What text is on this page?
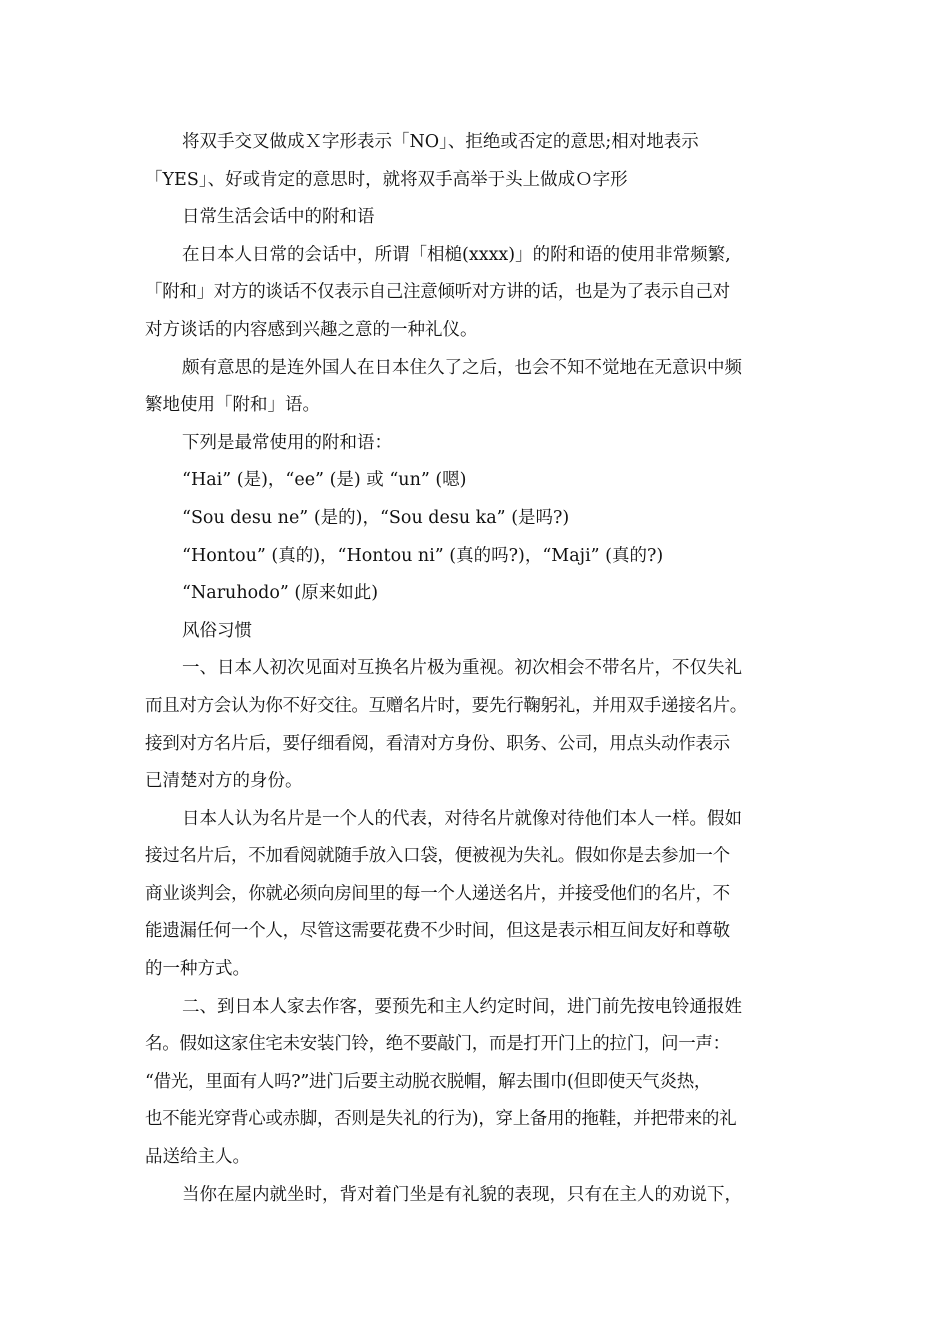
将双手交叉做成Ｘ字形表示「NO」、拒绝或否定的意思;相对地表示
「YES」、好或肯定的意思时，就将双手高举于头上做成Ｏ字形
日常生活会话中的附和语
在日本人日常的会话中，所谓「相槌(xxxx)」的附和语的使用非常频繁,
「附和」对方的谈话不仅表示自己注意倾听对方讲的话，也是为了表示自己对
对方谈话的内容感到兴趣之意的一种礼仪。
颇有意思的是连外国人在日本住久了之后，也会不知不觉地在无意识中频
繁地使用「附和」语。
下列是最常使用的附和语：
“Hai” (是)，“ee” (是) 或 “un” (嗯)
“Sou desu ne” (是的)，“Sou desu ka” (是吗?)
“Hontou” (真的)，“Hontou ni” (真的吗?)，“Maji” (真的?)
“Naruhodo” (原来如此)
风俗习惯
一、日本人初次见面对互换名片极为重视。初次相会不带名片，不仅失礼
而且对方会认为你不好交往。互赠名片时，要先行鞠躬礼，并用双手递接名片。
接到对方名片后，要仔细看阅，看清对方身份、职务、公司，用点头动作表示
已清楚对方的身份。
日本人认为名片是一个人的代表，对待名片就像对待他们本人一样。假如
接过名片后，不加看阅就随手放入口袋，便被视为失礼。假如你是去参加一个
商业谈判会，你就必须向房间里的每一个人递送名片，并接受他们的名片，不
能遗漏任何一个人，尽管这需要花费不少时间，但这是表示相互间友好和尊敬
的一种方式。
二、到日本人家去作客，要预先和主人约定时间，进门前先按电铃通报姓
名。假如这家住宅未安装门铃，绝不要敲门，而是打开门上的拉门，问一声：
“借光，里面有人吗?”进门后要主动脱衣脱帽，解去围巾(但即使天气炎热，
也不能光穿背心或赤脚，否则是失礼的行为)，穿上备用的拖鞋，并把带来的礼
品送给主人。
当你在屋内就坐时，背对着门坐是有礼貌的表现，只有在主人的劝说下，
